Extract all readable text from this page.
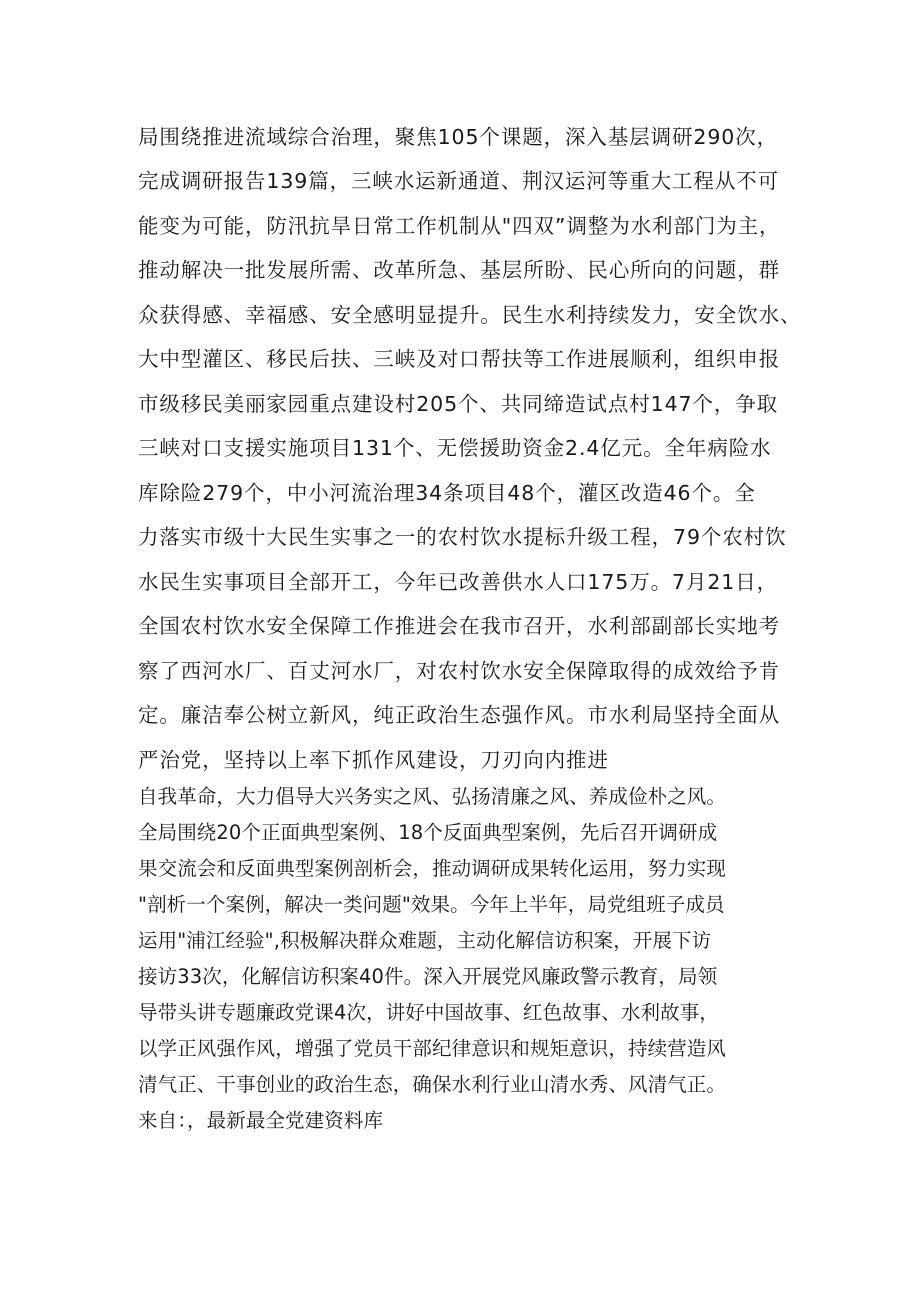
局围绕推进流域综合治理，聚焦105个课题，深入基层调研290次，
完成调研报告139篇，三峡水运新通道、荆汉运河等重大工程从不可
能变为可能，防汛抗旱日常工作机制从"四双”调整为水利部门为主，
推动解决一批发展所需、改革所急、基层所盼、民心所向的问题，群
众获得感、幸福感、安全感明显提升。民生水利持续发力，安全饮水、
大中型灌区、移民后扶、三峡及对口帮扶等工作进展顺利，组织申报
市级移民美丽家园重点建设村205个、共同缔造试点村147个，争取
三峡对口支援实施项目131个、无偿援助资金2.4亿元。全年病险水
库除险279个，中小河流治理34条项目48个，灌区改造46个。全
力落实市级十大民生实事之一的农村饮水提标升级工程，79个农村饮
水民生实事项目全部开工，今年已改善供水人口175万。7月21日，
全国农村饮水安全保障工作推进会在我市召开，水利部副部长实地考
察了西河水厂、百丈河水厂，对农村饮水安全保障取得的成效给予肯
定。廉洁奉公树立新风，纯正政治生态强作风。市水利局坚持全面从
严治党，坚持以上率下抓作风建设，刀刃向内推进
自我革命，大力倡导大兴务实之风、弘扬清廉之风、养成俭朴之风。
全局围绕20个正面典型案例、18个反面典型案例，先后召开调研成
果交流会和反面典型案例剖析会，推动调研成果转化运用，努力实现
"剖析一个案例，解决一类问题"效果。今年上半年，局党组班子成员
运用"浦江经验",积极解决群众难题，主动化解信访积案，开展下访
接访33次，化解信访积案40件。深入开展党风廉政警示教育，局领
导带头讲专题廉政党课4次，讲好中国故事、红色故事、水利故事，
以学正风强作风，增强了党员干部纪律意识和规矩意识，持续营造风
清气正、干事创业的政治生态，确保水利行业山清水秀、风清气正。
来自：，最新最全党建资料库
